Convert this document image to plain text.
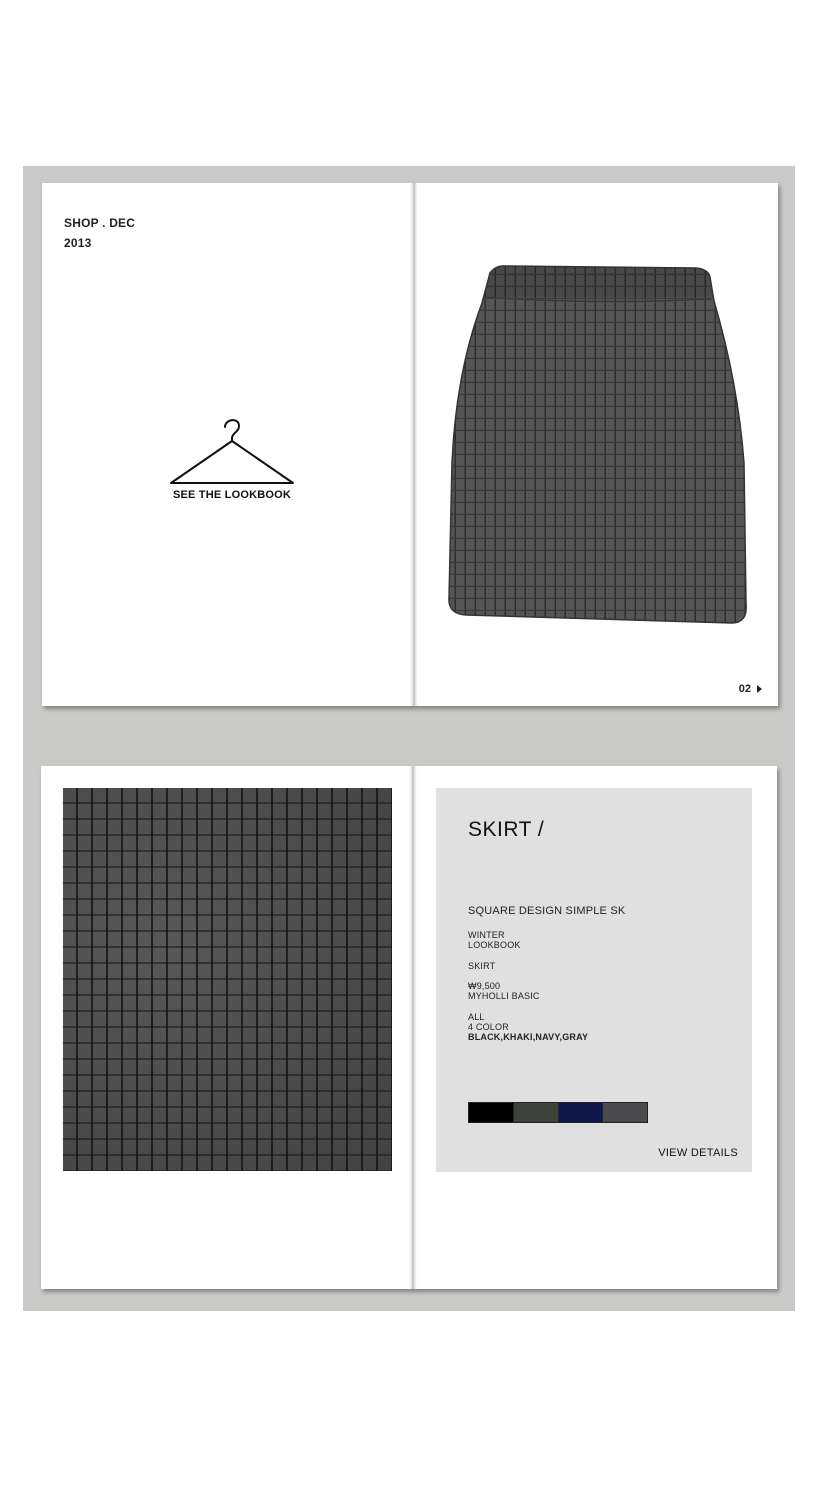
SHOP . DEC
2013
SEE THE LOOKBOOK
02
SKIRT /
SQUARE DESIGN SIMPLE SK
WINTER
LOOKBOOK
SKIRT
₩9,500
MYHOLLI BASIC
ALL
4 COLOR
BLACK,KHAKI,NAVY,GRAY
VIEW DETAILS
